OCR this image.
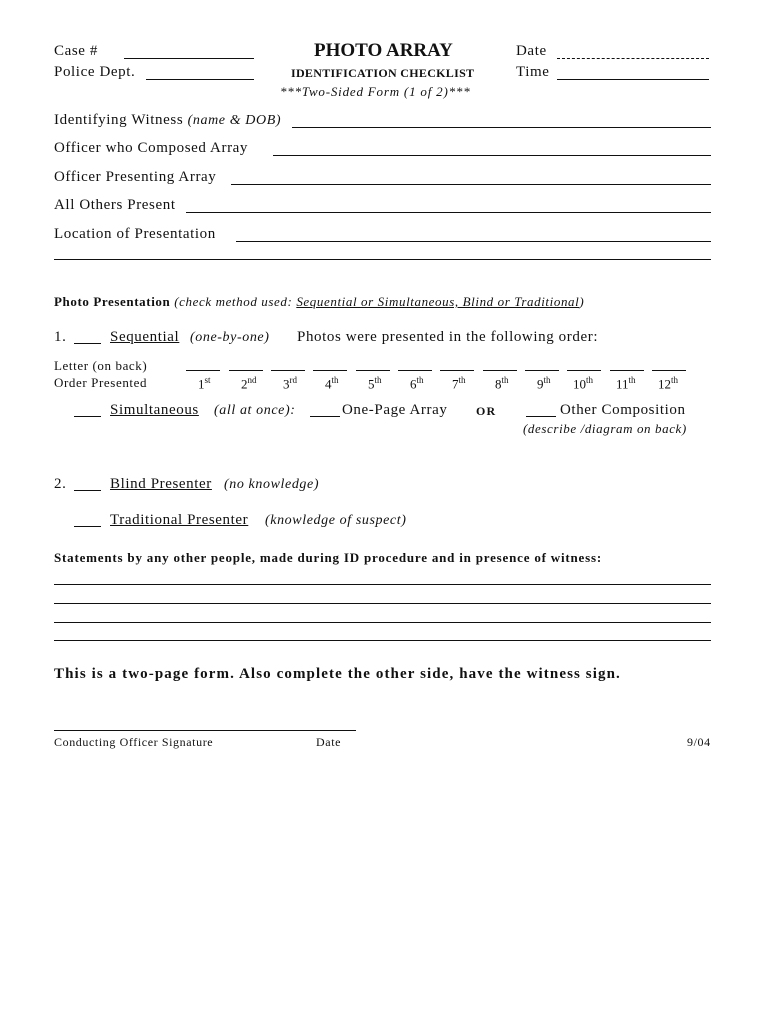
Case #
Police Dept.
PHOTO ARRAY
IDENTIFICATION CHECKLIST
***Two-Sided Form (1 of 2)***
Date
Time
Identifying Witness (name & DOB)
Officer who Composed Array
Officer Presenting Array
All Others Present
Location of Presentation
Photo Presentation (check method used: Sequential or Simultaneous, Blind or Traditional)
1.	Sequential (one-by-one) Photos were presented in the following order:
Letter (on back)
Order Presented	1st 2nd 3rd 4th 5th 6th 7th 8th 9th 10th 11th 12th
Simultaneous (all at once):	One-Page Array OR	Other Composition
(describe /diagram on back)
2.	Blind Presenter (no knowledge)
Traditional Presenter (knowledge of suspect)
Statements by any other people, made during ID procedure and in presence of witness:
This is a two-page form. Also complete the other side, have the witness sign.
Conducting Officer Signature	Date	9/04
